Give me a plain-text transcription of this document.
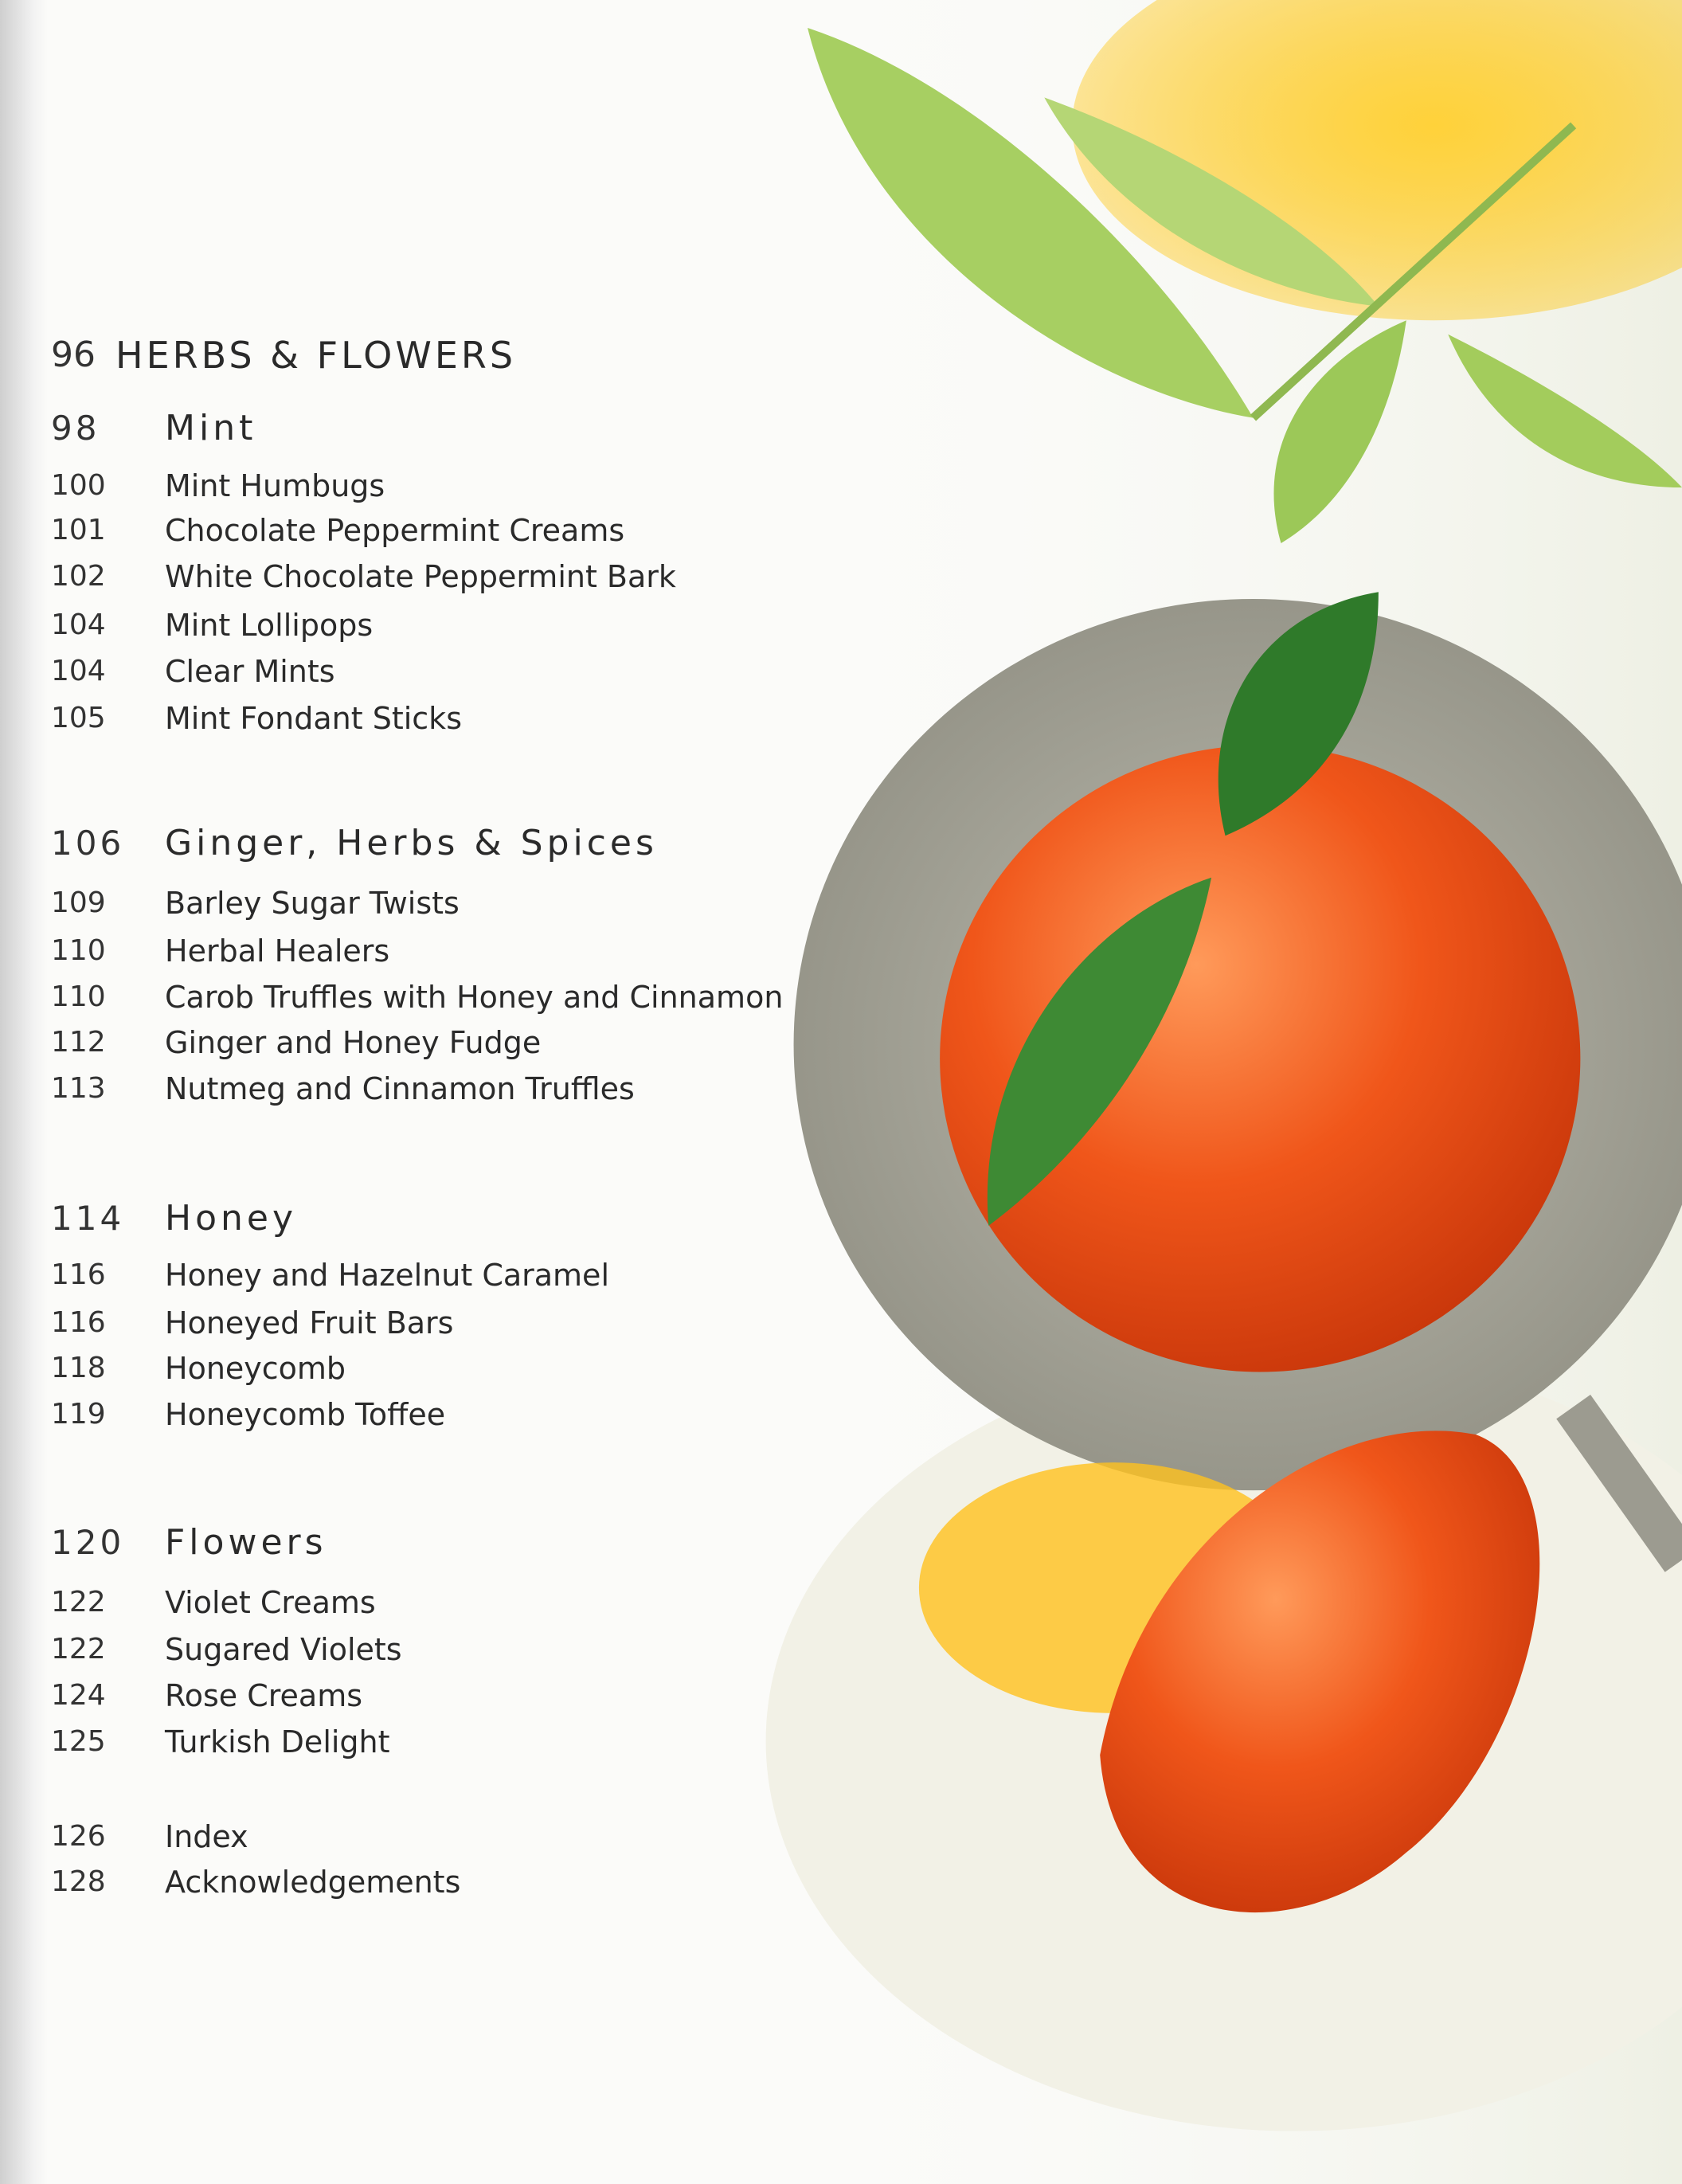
96 HERBS & FLOWERS
98 Mint
100 Mint Humbugs
101 Chocolate Peppermint Creams
102 White Chocolate Peppermint Bark
104 Mint Lollipops
104 Clear Mints
105 Mint Fondant Sticks
106 Ginger, Herbs & Spices
109 Barley Sugar Twists
110 Herbal Healers
110 Carob Truffles with Honey and Cinnamon
112 Ginger and Honey Fudge
113 Nutmeg and Cinnamon Truffles
114 Honey
116 Honey and Hazelnut Caramel
116 Honeyed Fruit Bars
118 Honeycomb
119 Honeycomb Toffee
120 Flowers
122 Violet Creams
122 Sugared Violets
124 Rose Creams
125 Turkish Delight
126 Index
128 Acknowledgements
